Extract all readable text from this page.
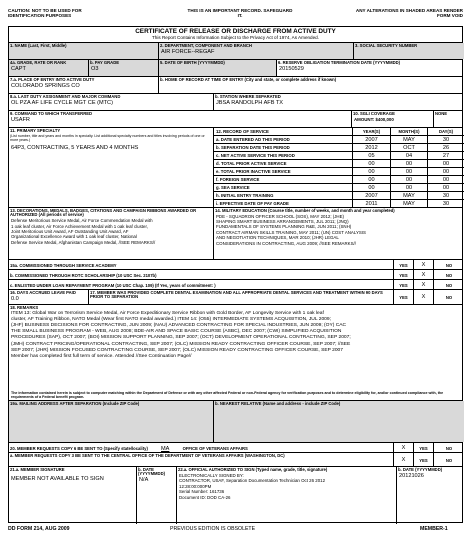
CAUTION: NOT TO BE USED FOR IDENTIFICATION PURPOSES
THIS IS AN IMPORTANT RECORD. SAFEGUARD IT.
ANY ALTERATIONS IN SHADED AREAS RENDER FORM VOID
CERTIFICATE OF RELEASE OR DISCHARGE FROM ACTIVE DUTY
This Report Contains Information Subject to the Privacy Act of 1974, As Amended.
1. NAME (Last, First, Middle)	2. DEPARTMENT, COMPONENT AND BRANCH
AIR FORCE--REGAF
3. SOCIAL SECURITY NUMBER
4a. GRADE, RATE OR RANK
CAPT
b. PAY GRADE
O3
5. DATE OF BIRTH (YYYYMMDD)	6. RESERVE OBLIGATION TERMINATION DATE (YYYYMMDD)
20150529
7.a. PLACE OF ENTRY INTO ACTIVE DUTY
COLORADO SPRINGS CO
b. HOME OF RECORD AT TIME OF ENTRY (City and state, or complete address if known)
8.a. LAST DUTY ASSIGNMENT AND MAJOR COMMAND
OL PZA AF LIFE CYCLE MGT CE (MTC)
b. STATION WHERE SEPARATED
JBSA RANDOLPH AFB TX
9. COMMAND TO WHICH TRANSFERRED
USAFR
10. SGLI COVERAGE
AMOUNT: $400,000
NONE
11. PRIMARY SPECIALTY
(List number, title and years and months in specialty. List additional specialty numbers and titles involving periods of one or more years.)
64P3, CONTRACTING, 5 YEARS AND 4 MONTHS
12. RECORD OF SERVICE	YEAR(S)	MONTH(S)	DAY(S)
a. DATE ENTERED AD THIS PERIOD	2007	MAY	30
b. SEPARATION DATE THIS PERIOD	2012	OCT	26
c. NET ACTIVE SERVICE THIS PERIOD	05	04	27
d. TOTAL PRIOR ACTIVE SERVICE	00	00	00
e. TOTAL PRIOR INACTIVE SERVICE	00	00	00
f. FOREIGN SERVICE	00	00	00
g. SEA SERVICE	00	00	00
h. INITIAL ENTRY TRAINING	2007	MAY	30
i. EFFECTIVE DATE OF PAY GRADE	2011	MAY	30
13. DECORATIONS, MEDALS, BADGES, CITATIONS AND CAMPAIGN RIBBONS AWARDED OR AUTHORIZED (All periods of service)
Defense Meritorious Service Medal, Air Force Commendation Medal with
1 oak leaf cluster, Air Force Achievement Medal with 1 oak leaf cluster,
Joint Meritorious Unit Award, AF Outstanding Unit Award, AF
Organizational Excellence Award with 1 oak leaf cluster, National
Defense Service Medal, Afghanistan Campaign Medal, //SEE REMARKS//
14. MILITARY EDUCATION (Course title, number of weeks, and month and year completed)
PDE - SQUADRON OFFICER SCHOOL (SOS), MAY 2012; (JHE)
SHAPING SMART BUSINESS ARRANGEMENTS, JUL 2011; (JNQ)
FUNDAMENTALS OF SYSTEMS PLANNING R&E, JUN 2011; (SNH)
CONTRACT AIRMAN SKILLS TRAINING, MAY 2011; (UN) COST ANALYSIS
AND NEGOTIATION TECHNIQUES, MAR 2010; (JHR) LEGAL
CONSIDERATIONS IN CONTRACTING, AUG 2009; //SEE REMARKS//
15a. COMMISSIONED THROUGH SERVICE ACADEMY	YES	X	NO
b. COMMISSIONED THROUGH ROTC SCHOLARSHIP (10 USC Sec. 2107b)	YES	X	NO
c. ENLISTED UNDER LOAN REPAYMENT PROGRAM (10 USC Chap. 109) (If Yes, years of commitment: )	YES	X	NO
16. DAYS ACCRUED LEAVE PAID
0.0
17. MEMBER WAS PROVIDED COMPLETE DENTAL EXAMINATION AND ALL APPROPRIATE DENTAL SERVICES AND TREATMENT WITHIN 90 DAYS PRIOR TO SEPARATION	YES	X	NO
18. REMARKS
ITEM 13: Global War on Terrorism Service Medal, Air Force Expeditionary Service Ribbon with Gold Border, AF Longevity Service with 1 oak leaf
cluster, AF Training Ribbon, NATO Medal (Wear first NATO medal awarded.) ITEM 14: (O55) INTERMEDIATE SYSTEMS ACQUISITION, JUL 2009;
(JHF) BUSINESS DECISIONS FOR CONTRACTING, JUN 2009; (NAU) ADVANCED CONTRACTING FOR SPECIAL INDUSTRIES, JUN 2009; (OY) CAC
THE SMALL BUSINESS PROGRAM - WEB, AUG 2008; BDE-AIR AND SPACE BASIC COURSE (ASBC), DEC 2007; (CWI) SIMPLIFIED ACQUISITION
PROCEDURES (SAP), OCT 2007; (BOI) MISSION SUPPORT PLANNING, SEP 2007; (OCT) DEVELOPMENT OPERATIONAL CONTRACTING, SEP 2007;
(JMH) CONTRACT PRICING/OPERATIONAL CONTRACTING, SEP 2007; (OLC) MISSION READY CONTRACTING OFFICER COURSE, SEP 2007; //SEE
SEP 2007; (JHR) MISSION FOCUSED CONTRACTING COURSE, SEP 2007; (OLC) MISSION READY CONTRACTING OFFICER COURSE, SEP 2007
Member has completed first full term of service. Attended //See Continuation Page//
The information contained herein is subject to computer matching within the Department of Defense or with any other affected Federal or non-Federal agency for verification purposes and to determine eligibility for, and/or continued compliance with, the requirements of a Federal benefit program.
19a. MAILING ADDRESS AFTER SEPARATION (Include ZIP Code)	b. NEAREST RELATIVE (Name and address - include ZIP Code)
20. MEMBER REQUESTS COPY 6 BE SENT TO (Specify state/locality) MA	OFFICE OF VETERANS AFFAIRS	X	YES	NO
a. MEMBER REQUESTS COPY 3 BE SENT TO THE CENTRAL OFFICE OF THE DEPARTMENT OF VETERANS AFFAIRS (WASHINGTON, DC)
X	YES	NO
21.a. MEMBER SIGNATURE
MEMBER NOT AVAILABLE TO SIGN
b. DATE (YYYYMMDD)
N/A
22.a. OFFICIAL AUTHORIZED TO SIGN (Typed name, grade, title, signature)
ELECTRONICALLY SIGNED BY:
CONTRACTOR, USAF, Separation Documentation Technician Oct 26 2012
12:28:00:000PM
Serial Number: 161736
Document ID: DOD CA-26
b. DATE (YYYYMMDD)
20121026
DD FORM 214, AUG 2009	PREVIOUS EDITION IS OBSOLETE	MEMBER-1
